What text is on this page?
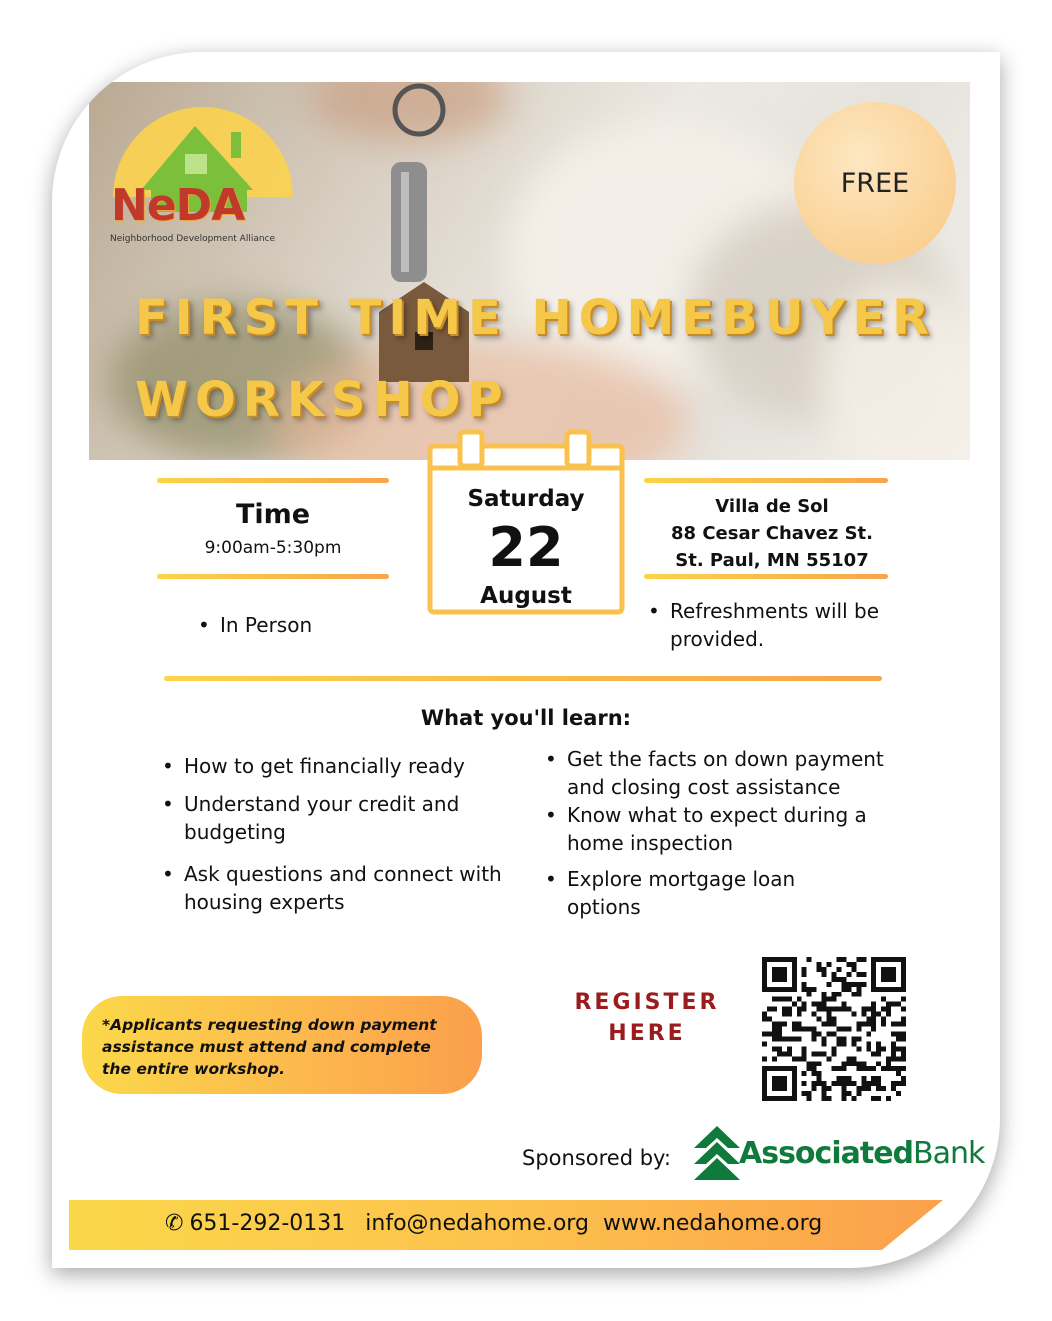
NeDA
Neighborhood Development Alliance
FIRST TIME HOMEBUYER
WORKSHOP
FREE
Time
9:00am-5:30pm
• In Person
Saturday
22
August
Villa de Sol
88 Cesar Chavez St.
St. Paul, MN 55107
• Refreshments will be provided.
What you'll learn:
• How to get financially ready
• Understand your credit and budgeting
• Ask questions and connect with housing experts
• Get the facts on down payment and closing cost assistance
• Know what to expect during a home inspection
• Explore mortgage loan options
*Applicants requesting down payment assistance must attend and complete the entire workshop.
REGISTER
HERE
Sponsored by: AssociatedBank
✆ 651-292-0131 info@nedahome.org www.nedahome.org
